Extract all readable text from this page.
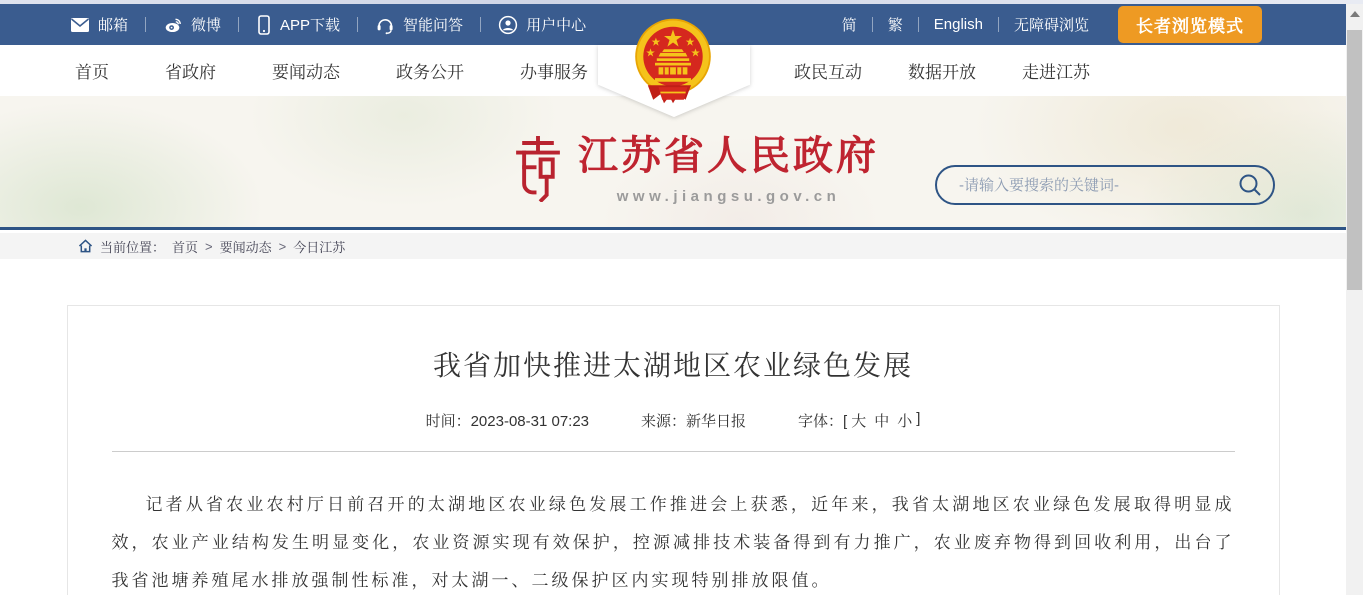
邮箱	微博	APP下载	智能问答	用户中心	简	繁	English	无障碍浏览	长者浏览模式
首页	省政府	要闻动态	政务公开	办事服务	政民互动	数据开放	走进江苏
江苏省人民政府
www.jiangsu.gov.cn
-请输入要搜索的关键词-
当前位置： 首页 > 要闻动态 > 今日江苏
我省加快推进太湖地区农业绿色发展
时间：2023-08-31 07:23	来源：新华日报	字体：[ 大 中 小 ]

记者从省农业农村厅日前召开的太湖地区农业绿色发展工作推进会上获悉，近年来，我省太湖地区农业绿色发展取得明显成效，农业产业结构发生明显变化，农业资源实现有效保护，控源减排技术装备得到有力推广，农业废弃物得到回收利用，出台了我省池塘养殖尾水排放强制性标准，对太湖一、二级保护区内实现特别排放限值。
